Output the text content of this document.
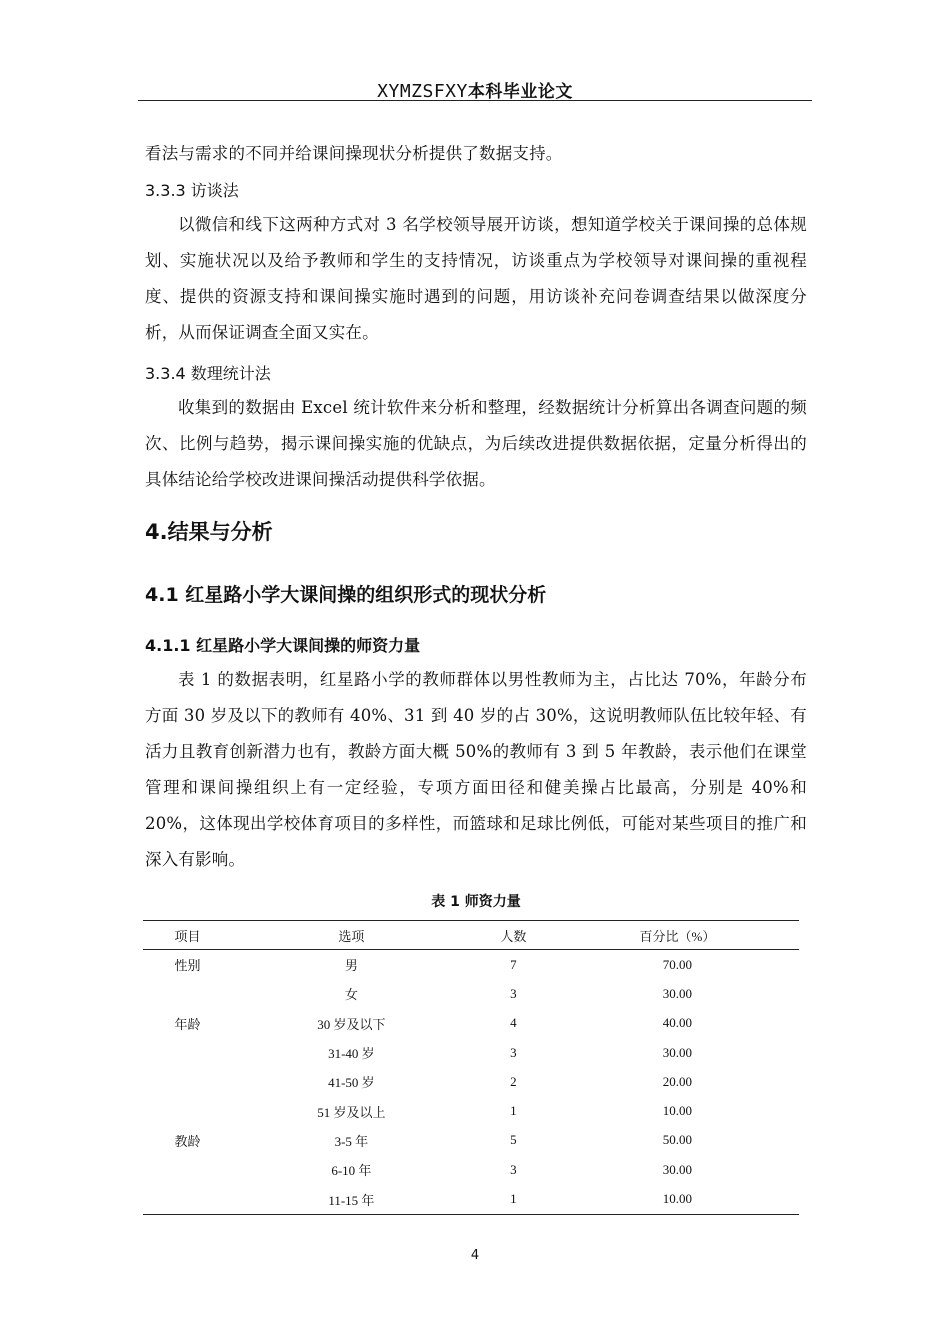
XYMZSFXY本科毕业论文

看法与需求的不同并给课间操现状分析提供了数据支持。

3.3.3 访谈法

以微信和线下这两种方式对 3 名学校领导展开访谈，想知道学校关于课间操的总体规划、实施状况以及给予教师和学生的支持情况，访谈重点为学校领导对课间操的重视程度、提供的资源支持和课间操实施时遇到的问题，用访谈补充问卷调查结果以做深度分析，从而保证调查全面又实在。

3.3.4 数理统计法

收集到的数据由 Excel 统计软件来分析和整理，经数据统计分析算出各调查问题的频次、比例与趋势，揭示课间操实施的优缺点，为后续改进提供数据依据，定量分析得出的具体结论给学校改进课间操活动提供科学依据。

4.结果与分析
4.1 红星路小学大课间操的组织形式的现状分析
4.1.1 红星路小学大课间操的师资力量

表 1 的数据表明，红星路小学的教师群体以男性教师为主，占比达 70%，年龄分布方面 30 岁及以下的教师有 40%、31 到 40 岁的占 30%，这说明教师队伍比较年轻、有活力且教育创新潜力也有，教龄方面大概 50%的教师有 3 到 5 年教龄，表示他们在课堂管理和课间操组织上有一定经验，专项方面田径和健美操占比最高，分别是 40%和 20%，这体现出学校体育项目的多样性，而篮球和足球比例低，可能对某些项目的推广和深入有影响。

表 1 师资力量
项目	选项	人数	百分比（%）
性别	男	7	70.00
	女	3	30.00
年龄	30 岁及以下	4	40.00
	31-40 岁	3	30.00
	41-50 岁	2	20.00
	51 岁及以上	1	10.00
教龄	3-5 年	5	50.00
	6-10 年	3	30.00
	11-15 年	1	10.00
4
